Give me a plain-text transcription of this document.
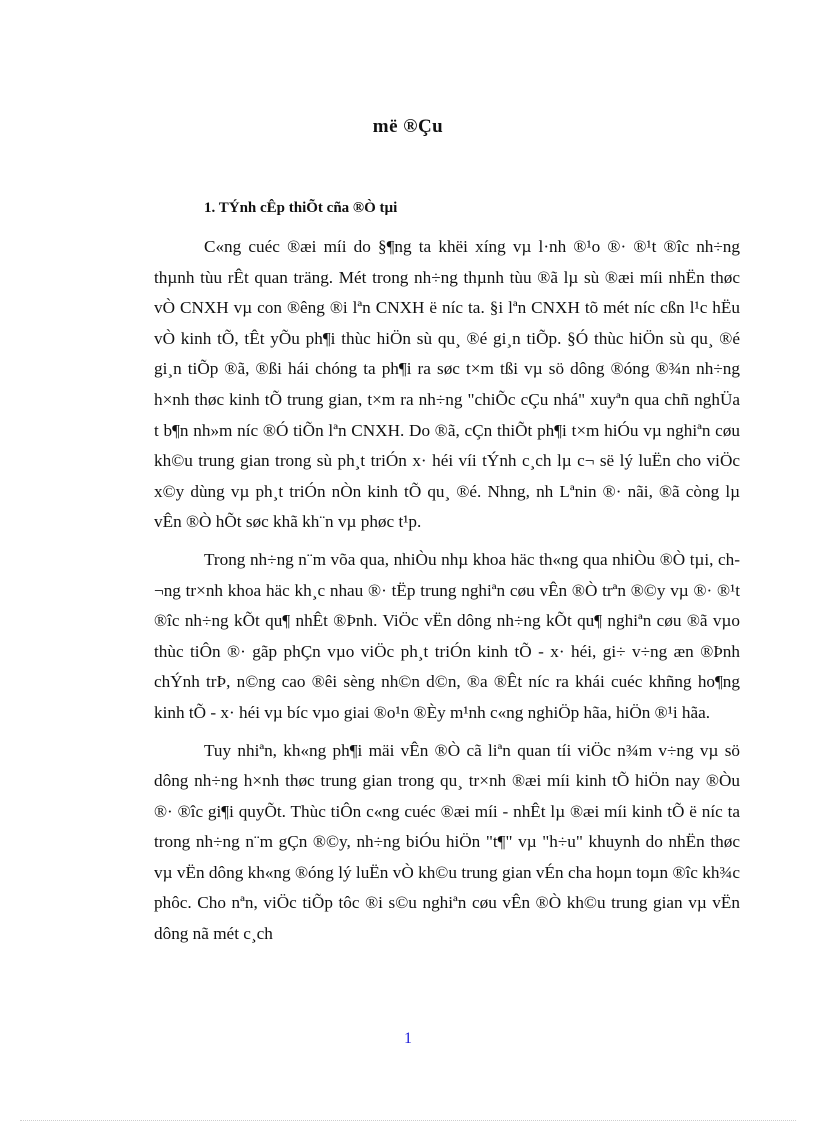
më ®Çu
1. TÝnh cÊp thiÕt cña ®Ò tµi

C«ng cuéc ®æi míi do §¶ng ta khëi xíng vµ l·nh ®¹o ®· ®¹t ®îc nh÷ng thµnh tùu rÊt quan träng. Mét trong nh÷ng thµnh tùu ®ã lµ sù ®æi míi nhËn thøc vÒ CNXH vµ con ®êng ®i lªn CNXH ë níc ta. §i lªn CNXH tõ mét níc cßn l¹c hËu vÒ kinh tÕ, tÊt yÕu ph¶i thùc hiÖn sù qu¸ ®é gi¸n tiÕp. §Ó thùc hiÖn sù qu¸ ®é gi¸n tiÕp ®ã, ®ßi hái chóng ta ph¶i ra søc t×m tßi vµ sö dông ®óng ®¾n nh÷ng h×nh thøc kinh tÕ trung gian, t×m ra nh÷ng "chiÕc cÇu nhá" xuyªn qua chñ nghÜa t b¶n nh»m níc ®Ó tiÕn lªn CNXH. Do ®ã, cÇn thiÕt ph¶i t×m hiÓu vµ nghiªn cøu kh©u trung gian trong sù ph¸t triÓn x· héi víi tÝnh c¸ch lµ c¬ së lý luËn cho viÖc x©y dùng vµ ph¸t triÓn nÒn kinh tÕ qu¸ ®é. Nhng, nh Lªnin ®· nãi, ®ã còng lµ vÊn ®Ò hÕt søc khã kh¨n vµ phøc t¹p.

Trong nh÷ng n¨m võa qua, nhiÒu nhµ khoa häc th«ng qua nhiÒu ®Ò tµi, ch¬ng tr×nh khoa häc kh¸c nhau ®· tËp trung nghiªn cøu vÊn ®Ò trªn ®©y vµ ®· ®¹t ®îc nh÷ng kÕt qu¶ nhÊt ®Þnh. ViÖc vËn dông nh÷ng kÕt qu¶ nghiªn cøu ®ã vµo thùc tiÔn ®· gãp phÇn vµo viÖc ph¸t triÓn kinh tÕ - x· héi, gi÷ v÷ng æn ®Þnh chÝnh trÞ, n©ng cao ®êi sèng nh©n d©n, ®a ®Êt níc ra khái cuéc khñng ho¶ng kinh tÕ - x· héi vµ bíc vµo giai ®o¹n ®Èy m¹nh c«ng nghiÖp hãa, hiÖn ®¹i hãa.

Tuy nhiªn, kh«ng ph¶i mäi vÊn ®Ò cã liªn quan tíi viÖc n¾m v÷ng vµ sö dông nh÷ng h×nh thøc trung gian trong qu¸ tr×nh ®æi míi kinh tÕ hiÖn nay ®Òu ®· ®îc gi¶i quyÕt. Thùc tiÔn c«ng cuéc ®æi míi - nhÊt lµ ®æi míi kinh tÕ ë níc ta trong nh÷ng n¨m gÇn ®©y, nh÷ng biÓu hiÖn "t¶" vµ "h÷u" khuynh do nhËn thøc vµ vËn dông kh«ng ®óng lý luËn vÒ kh©u trung gian vÉn cha hoµn toµn ®îc kh¾c phôc. Cho nªn, viÖc tiÕp tôc ®i s©u nghiªn cøu vÊn ®Ò kh©u trung gian vµ vËn dông nã mét c¸ch

1
